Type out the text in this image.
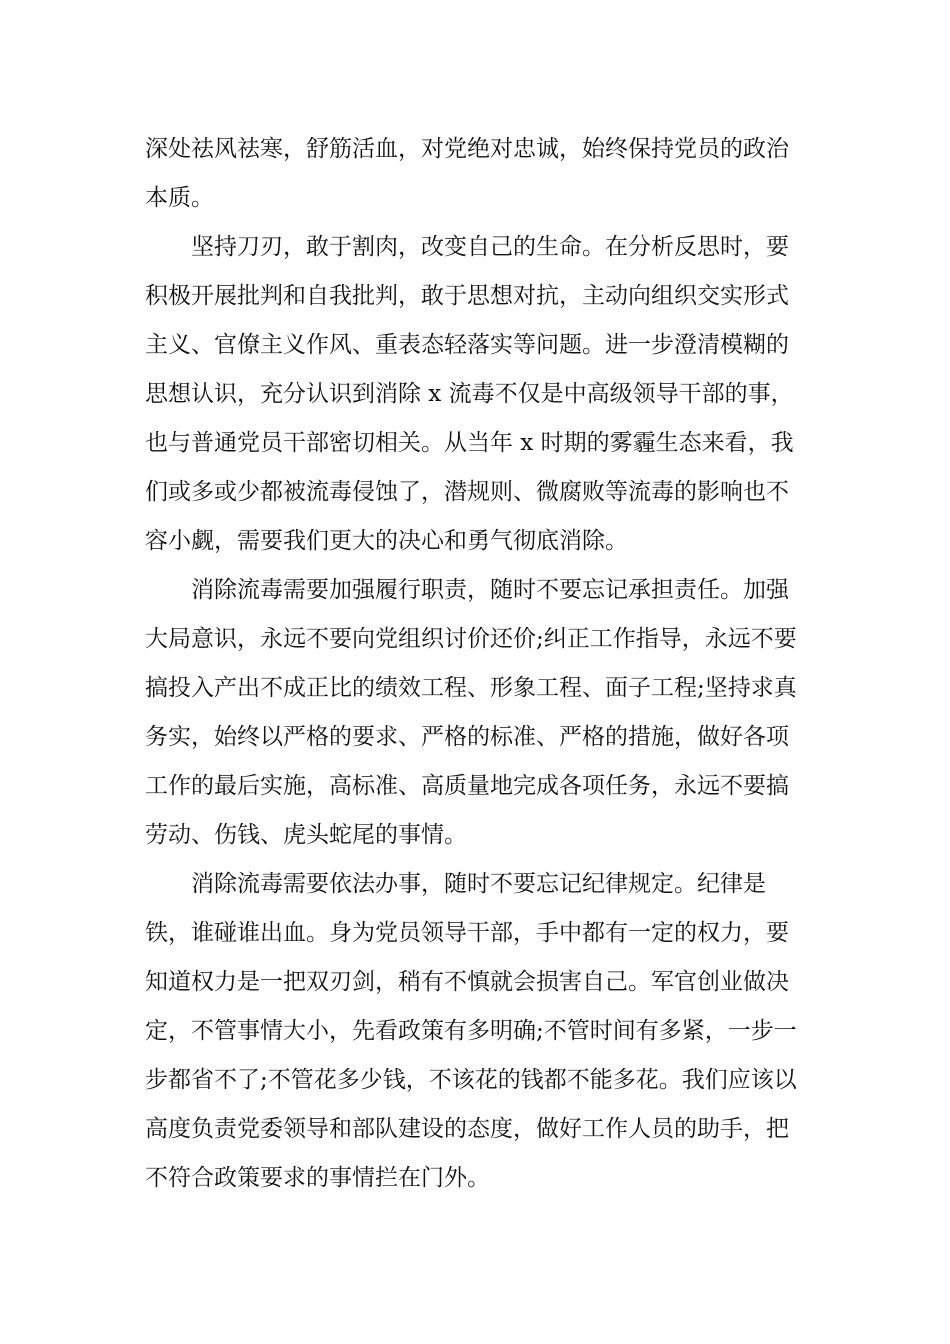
深处祛风祛寒，舒筋活血，对党绝对忠诚，始终保持党员的政治本质。

坚持刀刃，敢于割肉，改变自己的生命。在分析反思时，要积极开展批判和自我批判，敢于思想对抗，主动向组织交实形式主义、官僚主义作风、重表态轻落实等问题。进一步澄清模糊的思想认识，充分认识到消除 x 流毒不仅是中高级领导干部的事，也与普通党员干部密切相关。从当年 x 时期的雾霾生态来看，我们或多或少都被流毒侵蚀了，潜规则、微腐败等流毒的影响也不容小觑，需要我们更大的决心和勇气彻底消除。

消除流毒需要加强履行职责，随时不要忘记承担责任。加强大局意识，永远不要向党组织讨价还价;纠正工作指导，永远不要搞投入产出不成正比的绩效工程、形象工程、面子工程;坚持求真务实，始终以严格的要求、严格的标准、严格的措施，做好各项工作的最后实施，高标准、高质量地完成各项任务，永远不要搞劳动、伤钱、虎头蛇尾的事情。

消除流毒需要依法办事，随时不要忘记纪律规定。纪律是铁，谁碰谁出血。身为党员领导干部，手中都有一定的权力，要知道权力是一把双刃剑，稍有不慎就会损害自己。军官创业做决定，不管事情大小，先看政策有多明确;不管时间有多紧，一步一步都省不了;不管花多少钱，不该花的钱都不能多花。我们应该以高度负责党委领导和部队建设的态度，做好工作人员的助手，把不符合政策要求的事情拦在门外。
